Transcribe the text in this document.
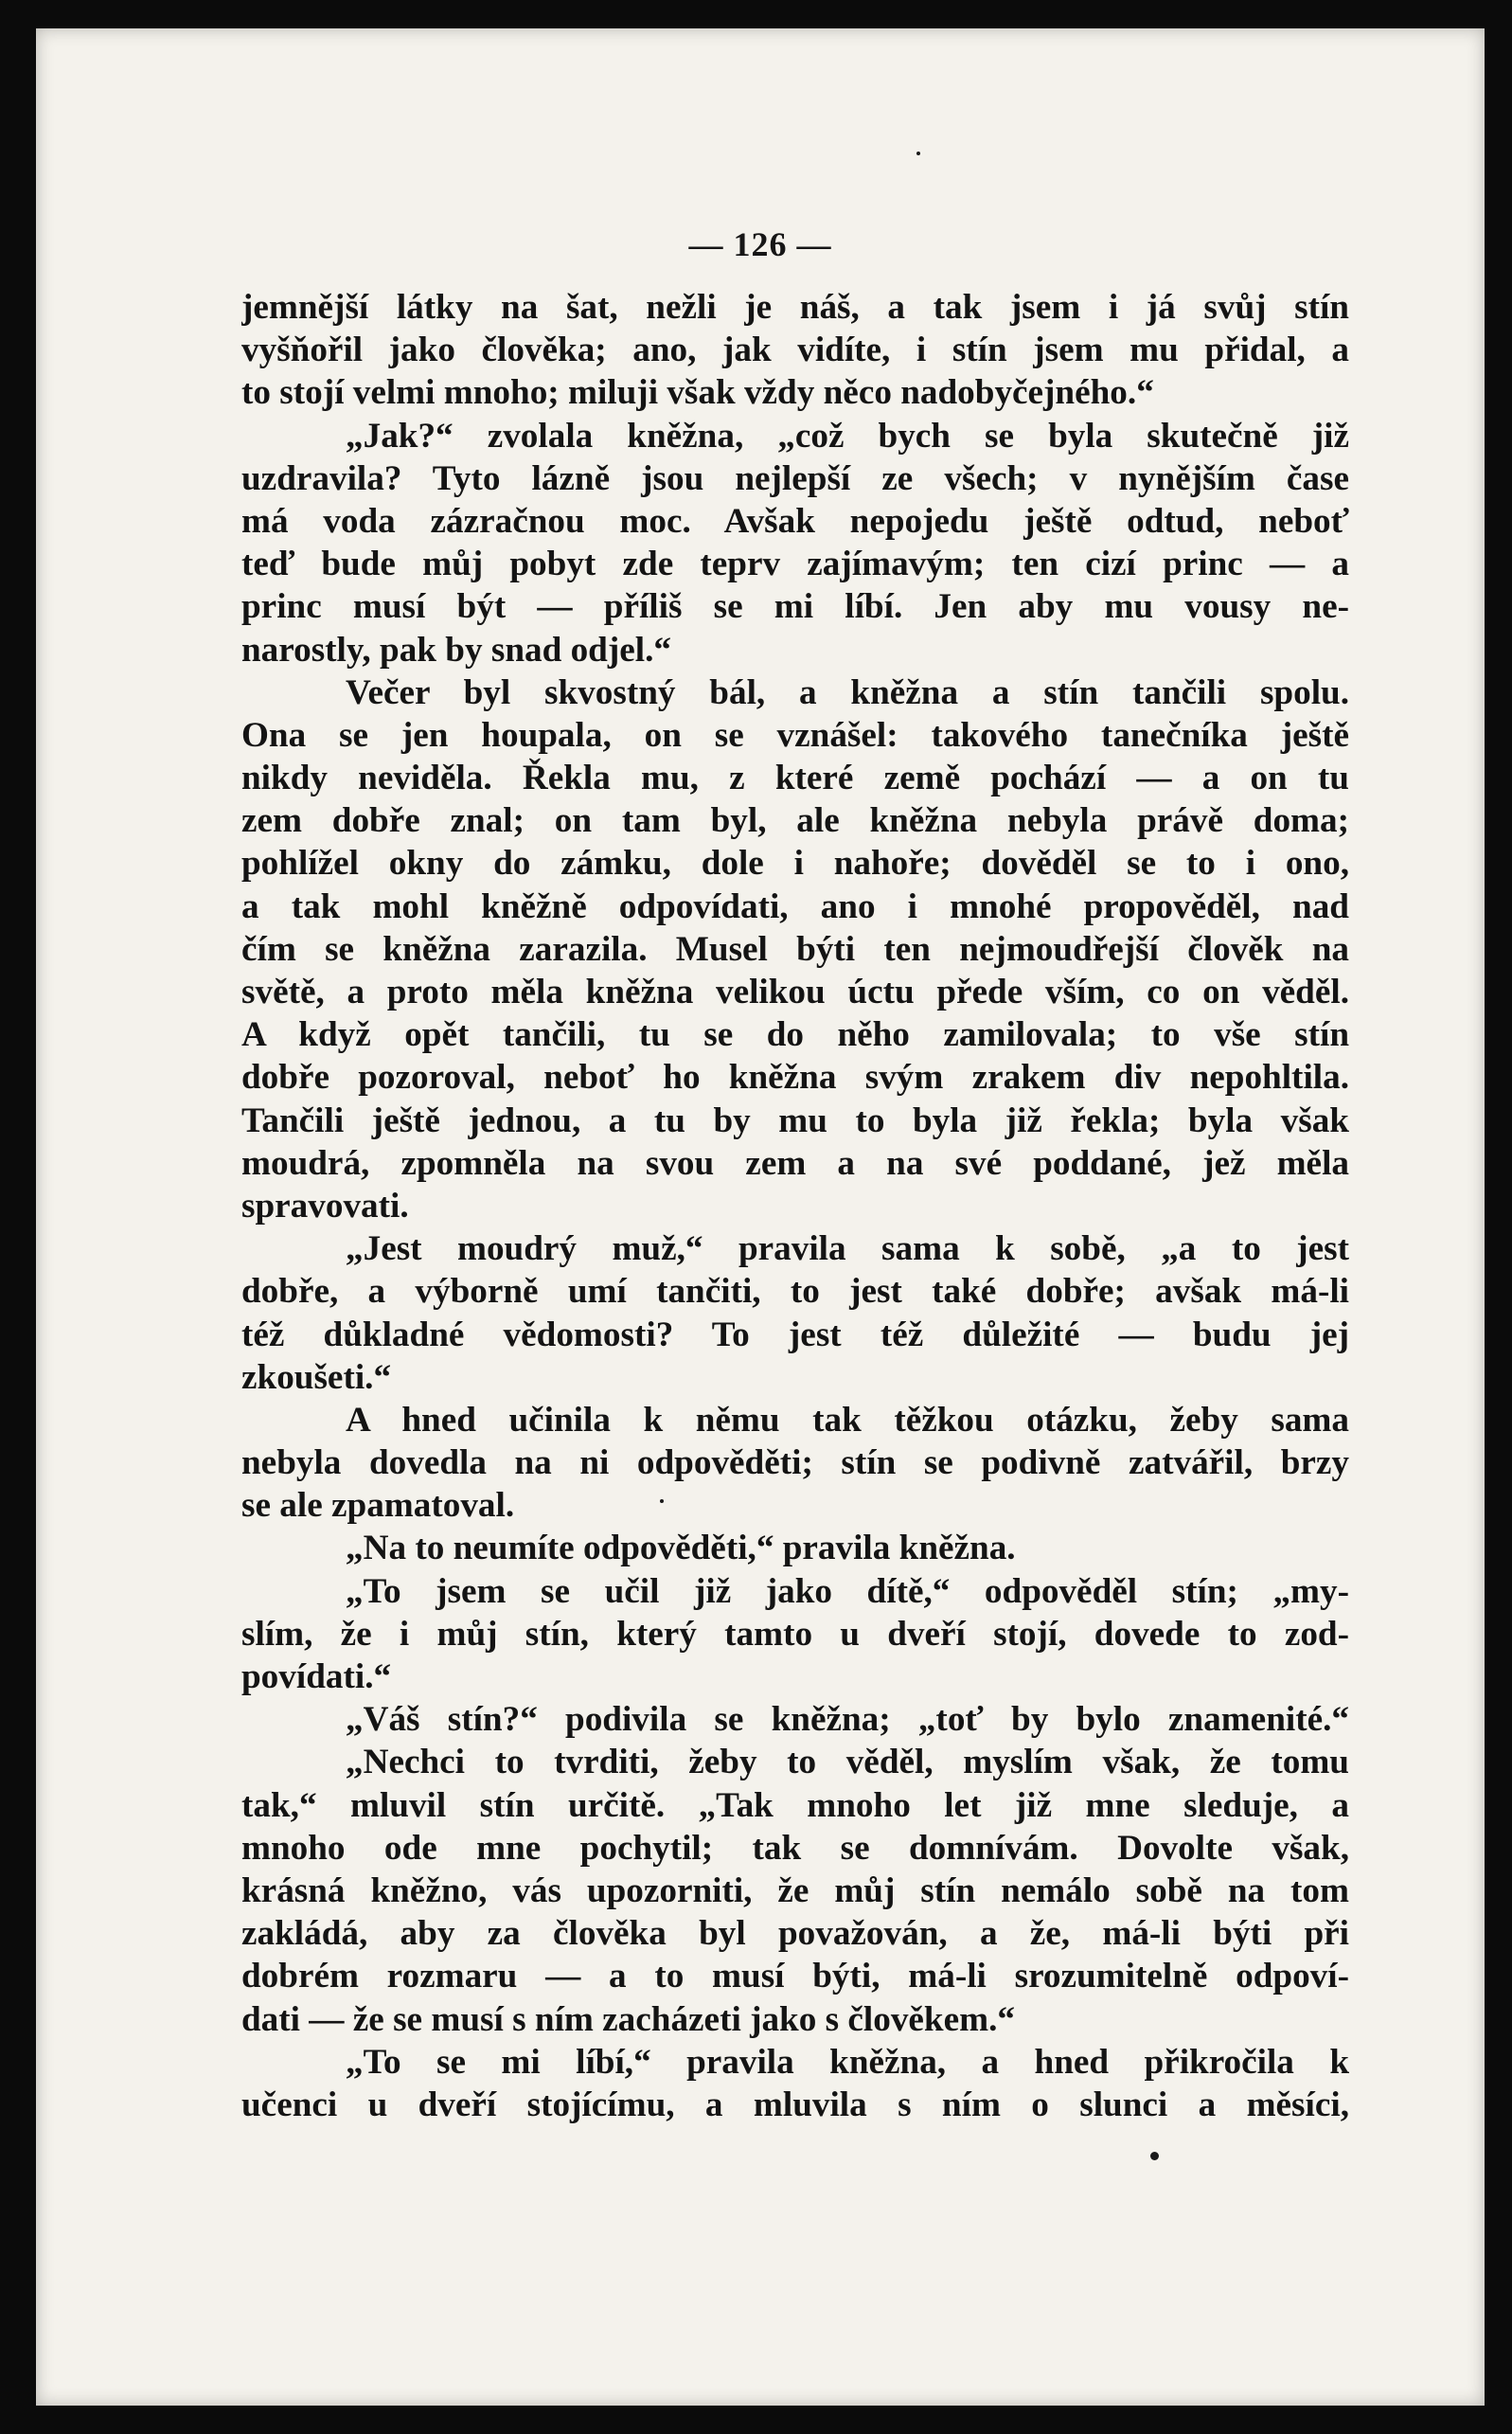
— 126 —
jemnější látky na šat, nežli je náš, a tak jsem i já svůj stín
vyšňořil jako člověka; ano, jak vidíte, i stín jsem mu přidal, a
to stojí velmi mnoho; miluji však vždy něco nadobyčejného.“
„Jak?“ zvolala kněžna, „což bych se byla skutečně již
uzdravila? Tyto lázně jsou nejlepší ze všech; v nynějším čase
má voda zázračnou moc. Avšak nepojedu ještě odtud, neboť
teď bude můj pobyt zde teprv zajímavým; ten cizí princ — a
princ musí být — příliš se mi líbí. Jen aby mu vousy ne-
narostly, pak by snad odjel.“
Večer byl skvostný bál, a kněžna a stín tančili spolu.
Ona se jen houpala, on se vznášel: takového tanečníka ještě
nikdy neviděla. Řekla mu, z které země pochází — a on tu
zem dobře znal; on tam byl, ale kněžna nebyla právě doma;
pohlížel okny do zámku, dole i nahoře; dověděl se to i ono,
a tak mohl kněžně odpovídati, ano i mnohé propověděl, nad
čím se kněžna zarazila. Musel býti ten nejmoudřejší člověk na
světě, a proto měla kněžna velikou úctu přede vším, co on věděl.
A když opět tančili, tu se do něho zamilovala; to vše stín
dobře pozoroval, neboť ho kněžna svým zrakem div nepohltila.
Tančili ještě jednou, a tu by mu to byla již řekla; byla však
moudrá, zpomněla na svou zem a na své poddané, jež měla
spravovati.
„Jest moudrý muž,“ pravila sama k sobě, „a to jest
dobře, a výborně umí tančiti, to jest také dobře; avšak má-li
též důkladné vědomosti? To jest též důležité — budu jej
zkoušeti.“
A hned učinila k němu tak těžkou otázku, žeby sama
nebyla dovedla na ni odpověděti; stín se podivně zatvářil, brzy
se ale zpamatoval.
„Na to neumíte odpověděti,“ pravila kněžna.
„To jsem se učil již jako dítě,“ odpověděl stín; „my-
slím, že i můj stín, který tamto u dveří stojí, dovede to zod-
povídati.“
„Váš stín?“ podivila se kněžna; „toť by bylo znamenité.“
„Nechci to tvrditi, žeby to věděl, myslím však, že tomu
tak,“ mluvil stín určitě. „Tak mnoho let již mne sleduje, a
mnoho ode mne pochytil; tak se domnívám. Dovolte však,
krásná kněžno, vás upozorniti, že můj stín nemálo sobě na tom
zakládá, aby za člověka byl považován, a že, má-li býti při
dobrém rozmaru — a to musí býti, má-li srozumitelně odpoví-
dati — že se musí s ním zacházeti jako s člověkem.“
„To se mi líbí,“ pravila kněžna, a hned přikročila k
učenci u dveří stojícímu, a mluvila s ním o slunci a měsíci,
